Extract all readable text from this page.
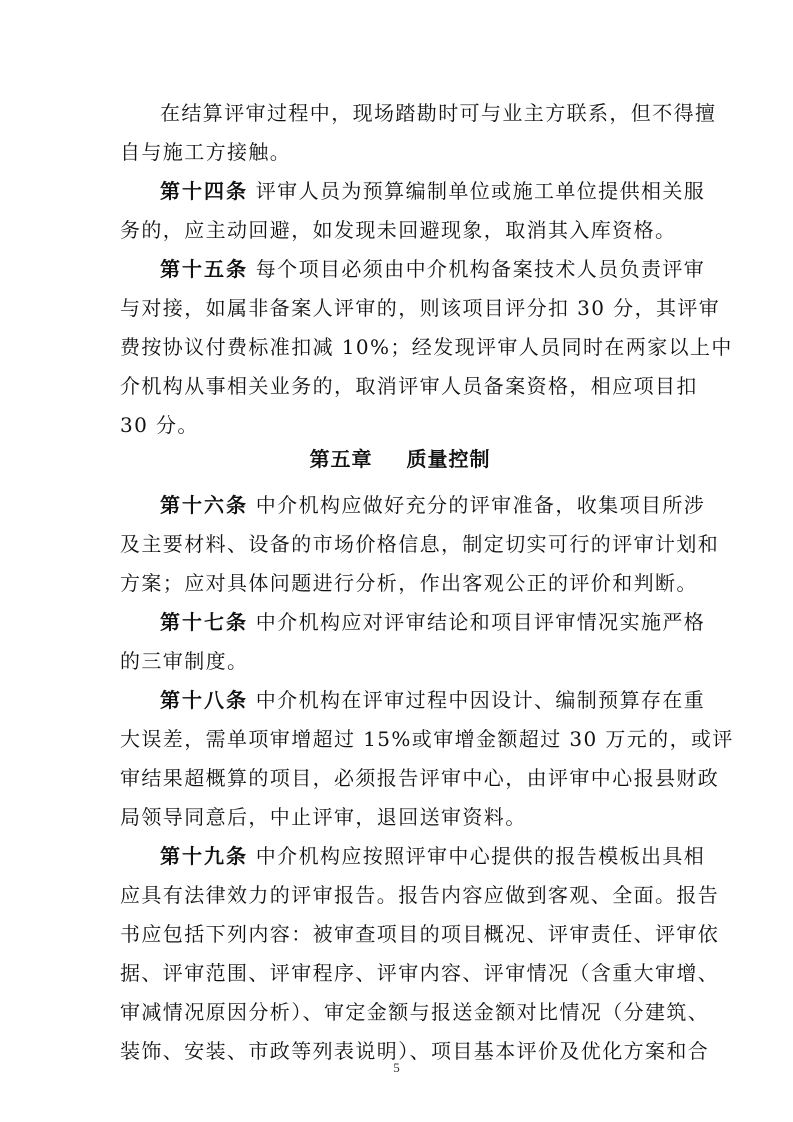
在结算评审过程中，现场踏勘时可与业主方联系，但不得擅
自与施工方接触。
第十四条 评审人员为预算编制单位或施工单位提供相关服
务的，应主动回避，如发现未回避现象，取消其入库资格。
第十五条 每个项目必须由中介机构备案技术人员负责评审
与对接，如属非备案人评审的，则该项目评分扣 30 分，其评审
费按协议付费标准扣减 10%；经发现评审人员同时在两家以上中
介机构从事相关业务的，取消评审人员备案资格，相应项目扣
30 分。
第五章 质量控制
第十六条 中介机构应做好充分的评审准备，收集项目所涉
及主要材料、设备的市场价格信息，制定切实可行的评审计划和
方案；应对具体问题进行分析，作出客观公正的评价和判断。
第十七条 中介机构应对评审结论和项目评审情况实施严格
的三审制度。
第十八条 中介机构在评审过程中因设计、编制预算存在重
大误差，需单项审增超过 15%或审增金额超过 30 万元的，或评
审结果超概算的项目，必须报告评审中心，由评审中心报县财政
局领导同意后，中止评审，退回送审资料。
第十九条 中介机构应按照评审中心提供的报告模板出具相
应具有法律效力的评审报告。报告内容应做到客观、全面。报告
书应包括下列内容：被审查项目的项目概况、评审责任、评审依
据、评审范围、评审程序、评审内容、评审情况（含重大审增、
审减情况原因分析）、审定金额与报送金额对比情况（分建筑、
装饰、安装、市政等列表说明）、项目基本评价及优化方案和合
5
